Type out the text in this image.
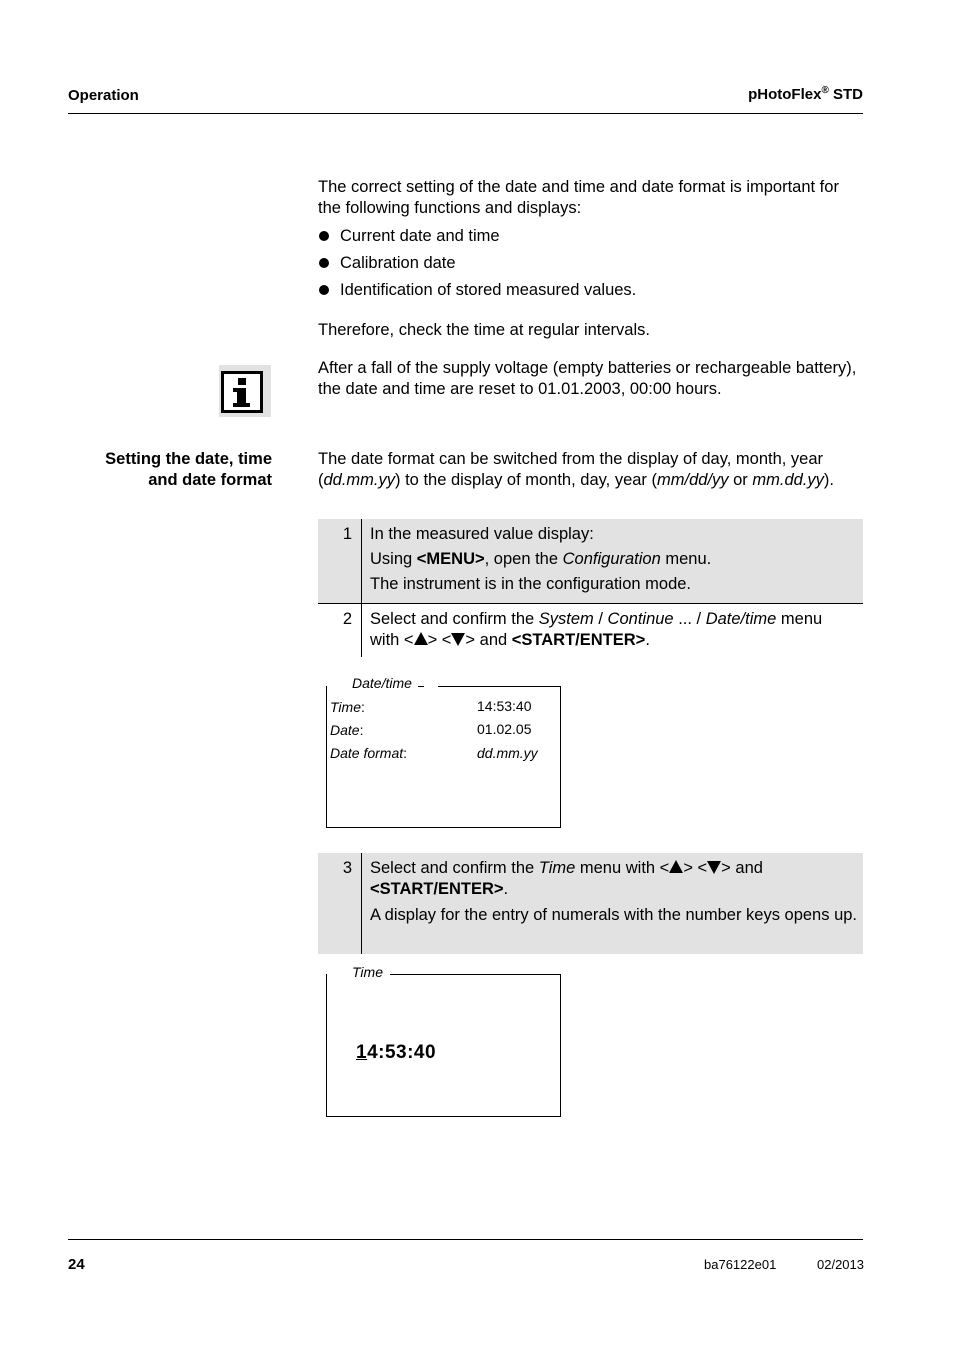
Operation	pHotoFlex® STD
The correct setting of the date and time and date format is important for the following functions and displays:
Current date and time
Calibration date
Identification of stored measured values.
Therefore, check the time at regular intervals.
After a fall of the supply voltage (empty batteries or rechargeable battery), the date and time are reset to 01.01.2003, 00:00 hours.
Setting the date, time
and date format
The date format can be switched from the display of day, month, year (dd.mm.yy) to the display of month, day, year (mm/dd/yy or mm.dd.yy).
1 In the measured value display:

Using <MENU>, open the Configuration menu.

The instrument is in the configuration mode.

2 Select and confirm the System / Continue ... / Date/time menu

with < > < > and <START/ENTER>.

Date/time
Time:	14:53:40
Date:	01.02.05
Date format:	dd.mm.yy
3 Select and confirm the Time menu with < > < > and

<START/ENTER>.

A display for the entry of numerals with the number keys opens up.

Time
14:53:40
24	ba76122e01	02/2013
